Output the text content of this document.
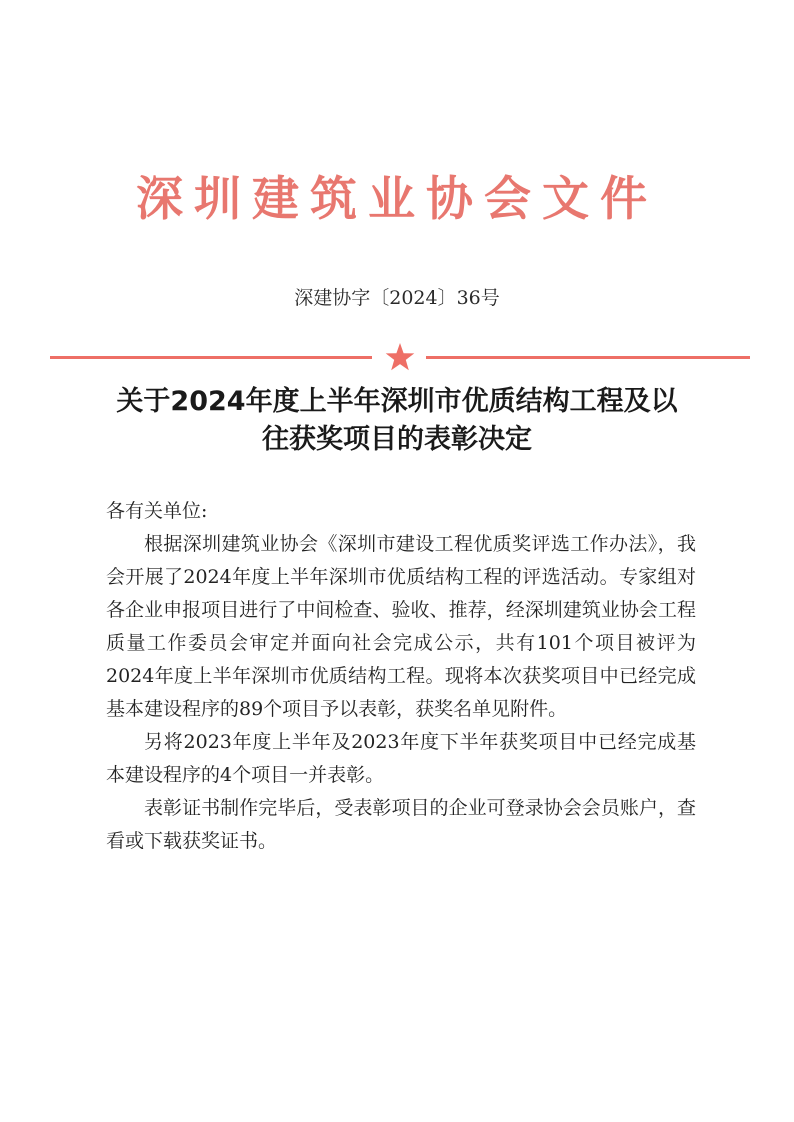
深圳建筑业协会文件
深建协字〔2024〕36号
关于2024年度上半年深圳市优质结构工程及以
往获奖项目的表彰决定

各有关单位:

根据深圳建筑业协会《深圳市建设工程优质奖评选工作办法》，我会开展了2024年度上半年深圳市优质结构工程的评选活动。专家组对各企业申报项目进行了中间检查、验收、推荐，经深圳建筑业协会工程质量工作委员会审定并面向社会完成公示，共有101个项目被评为2024年度上半年深圳市优质结构工程。现将本次获奖项目中已经完成基本建设程序的89个项目予以表彰，获奖名单见附件。

另将2023年度上半年及2023年度下半年获奖项目中已经完成基本建设程序的4个项目一并表彰。

表彰证书制作完毕后，受表彰项目的企业可登录协会会员账户，查看或下载获奖证书。
